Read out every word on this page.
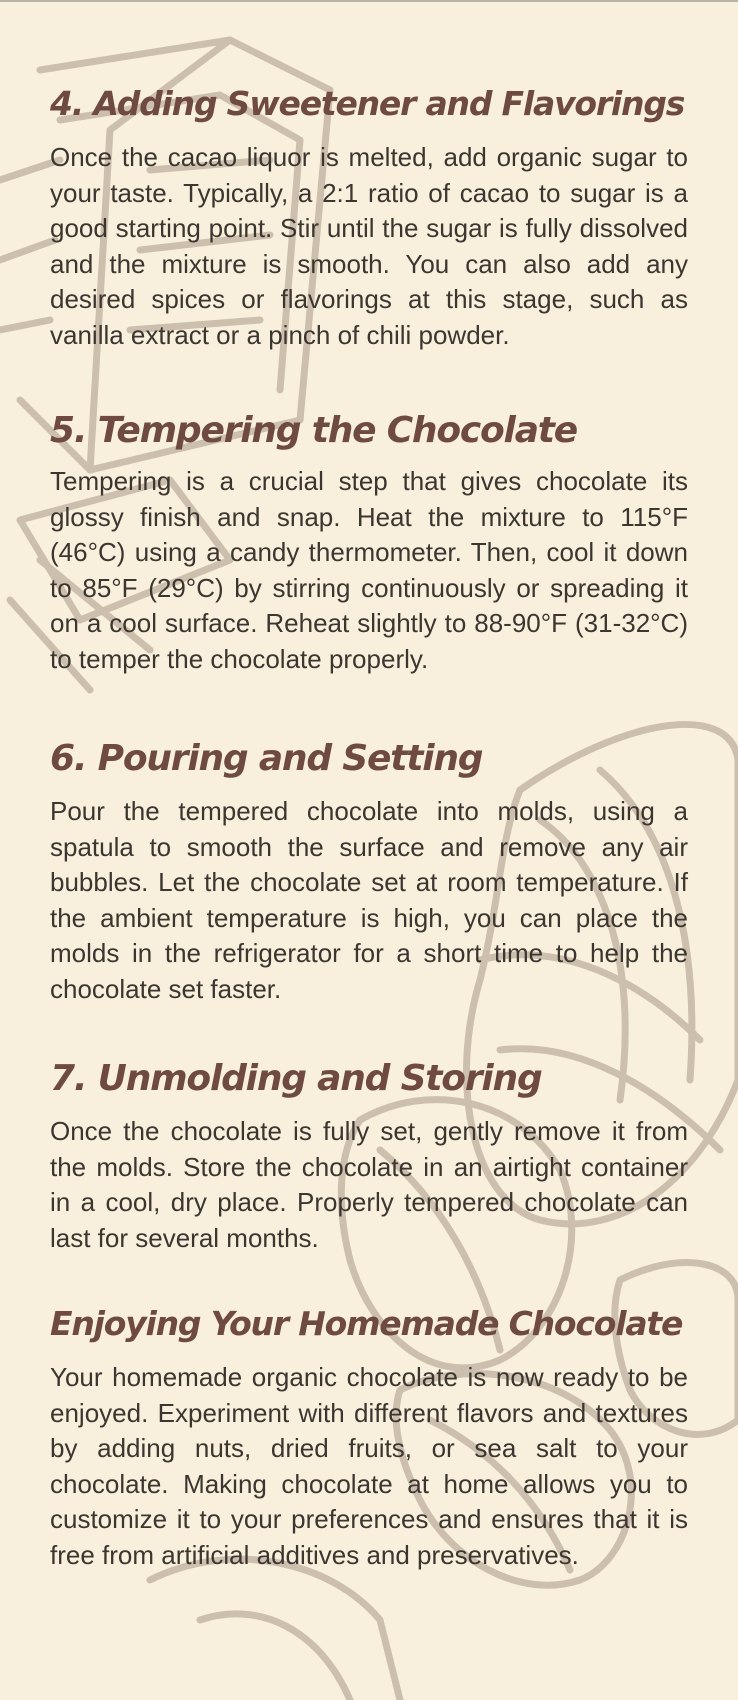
4. Adding Sweetener and Flavorings

Once the cacao liquor is melted, add organic sugar to your taste. Typically, a 2:1 ratio of cacao to sugar is a good starting point. Stir until the sugar is fully dissolved and the mixture is smooth. You can also add any desired spices or flavorings at this stage, such as vanilla extract or a pinch of chili powder.

5. Tempering the Chocolate

Tempering is a crucial step that gives chocolate its glossy finish and snap. Heat the mixture to 115°F (46°C) using a candy thermometer. Then, cool it down to 85°F (29°C) by stirring continuously or spreading it on a cool surface. Reheat slightly to 88-90°F (31-32°C) to temper the chocolate properly.

6. Pouring and Setting

Pour the tempered chocolate into molds, using a spatula to smooth the surface and remove any air bubbles. Let the chocolate set at room temperature. If the ambient temperature is high, you can place the molds in the refrigerator for a short time to help the chocolate set faster.

7. Unmolding and Storing

Once the chocolate is fully set, gently remove it from the molds. Store the chocolate in an airtight container in a cool, dry place. Properly tempered chocolate can last for several months.

Enjoying Your Homemade Chocolate

Your homemade organic chocolate is now ready to be enjoyed. Experiment with different flavors and textures by adding nuts, dried fruits, or sea salt to your chocolate. Making chocolate at home allows you to customize it to your preferences and ensures that it is free from artificial additives and preservatives.
